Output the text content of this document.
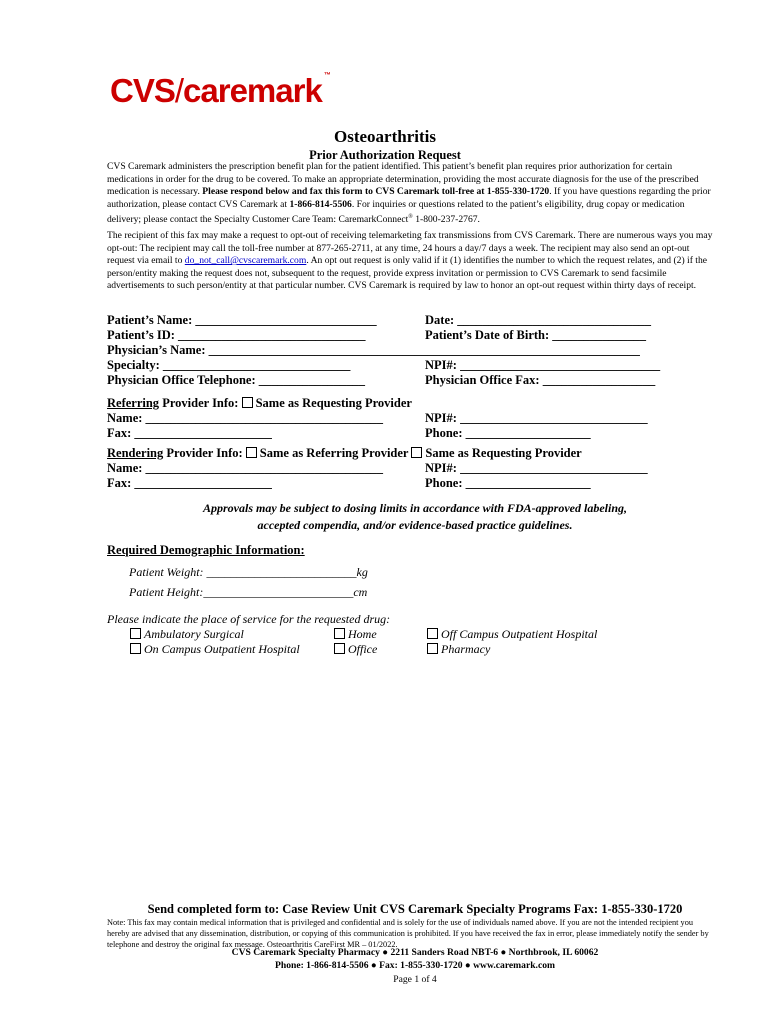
CVS/caremark ™
Osteoarthritis
Prior Authorization Request
CVS Caremark administers the prescription benefit plan for the patient identified. This patient’s benefit plan requires prior authorization for certain medications in order for the drug to be covered. To make an appropriate determination, providing the most accurate diagnosis for the use of the prescribed medication is necessary. Please respond below and fax this form to CVS Caremark toll-free at 1-855-330-1720. If you have questions regarding the prior authorization, please contact CVS Caremark at 1-866-814-5506. For inquiries or questions related to the patient’s eligibility, drug copay or medication delivery; please contact the Specialty Customer Care Team: CaremarkConnect® 1-800-237-2767.
The recipient of this fax may make a request to opt-out of receiving telemarketing fax transmissions from CVS Caremark. There are numerous ways you may opt-out: The recipient may call the toll-free number at 877-265-2711, at any time, 24 hours a day/7 days a week. The recipient may also send an opt-out request via email to do_not_call@cvscaremark.com. An opt out request is only valid if it (1) identifies the number to which the request relates, and (2) if the person/entity making the request does not, subsequent to the request, provide express invitation or permission to CVS Caremark to send facsimile advertisements to such person/entity at that particular number. CVS Caremark is required by law to honor an opt-out request within thirty days of receipt.
Patient’s Name: _____________________________	Date: _______________________________
Patient’s ID: ______________________________	Patient’s Date of Birth: _______________
Physician’s Name: _____________________________________________________________________
Specialty: ______________________________	NPI#: ________________________________
Physician Office Telephone: _________________	Physician Office Fax: __________________
Referring Provider Info: Same as Requesting Provider
Name: ______________________________________	NPI#: ______________________________
Fax: ______________________	Phone: ____________________
Rendering Provider Info: Same as Referring Provider Same as Requesting Provider
Name: ______________________________________	NPI#: ______________________________
Fax: ______________________	Phone: ____________________
Approvals may be subject to dosing limits in accordance with FDA-approved labeling,
accepted compendia, and/or evidence-based practice guidelines.
Required Demographic Information:
Patient Weight: _________________________kg
Patient Height:_________________________cm
Please indicate the place of service for the requested drug:
Ambulatory Surgical	Home	Off Campus Outpatient Hospital
On Campus Outpatient Hospital	Office	Pharmacy
Send completed form to: Case Review Unit CVS Caremark Specialty Programs Fax: 1-855-330-1720
Note: This fax may contain medical information that is privileged and confidential and is solely for the use of individuals named above. If you are not the intended recipient you hereby are advised that any dissemination, distribution, or copying of this communication is prohibited. If you have received the fax in error, please immediately notify the sender by telephone and destroy the original fax message. Osteoarthritis CareFirst MR – 01/2022.
CVS Caremark Specialty Pharmacy ● 2211 Sanders Road NBT-6 ● Northbrook, IL 60062
Phone: 1-866-814-5506 ● Fax: 1-855-330-1720 ● www.caremark.com
Page 1 of 4
